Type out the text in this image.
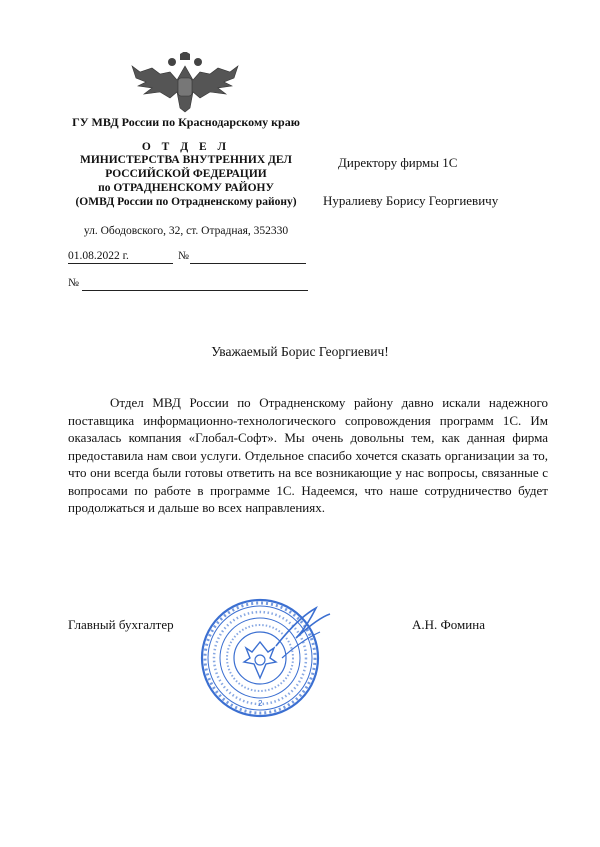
ГУ МВД России по Краснодарскому краю
О Т Д Е Л
МИНИСТЕРСТВА ВНУТРЕННИХ ДЕЛ
РОССИЙСКОЙ ФЕДЕРАЦИИ
по ОТРАДНЕНСКОМУ РАЙОНУ
(ОМВД России по Отрадненскому району)
ул. Ободовского, 32, ст. Отрадная, 352330
01.08.2022 г.	№
№
Директору фирмы 1С
Нуралиеву Борису Георгиевичу
Уважаемый Борис Георгиевич!

Отдел МВД России по Отрадненскому району давно искали надежного поставщика информационно-технологического сопровождения программ 1С. Им оказалась компания «Глобал-Софт». Мы очень довольны тем, как данная фирма предоставила нам свои услуги. Отдельное спасибо хочется сказать организации за то, что они всегда были готовы ответить на все возникающие у нас вопросы, связанные с вопросами по работе в программе 1С. Надеемся, что наше сотрудничество будет продолжаться и дальше во всех направлениях.

Главный бухгалтер	А.Н. Фомина
2
